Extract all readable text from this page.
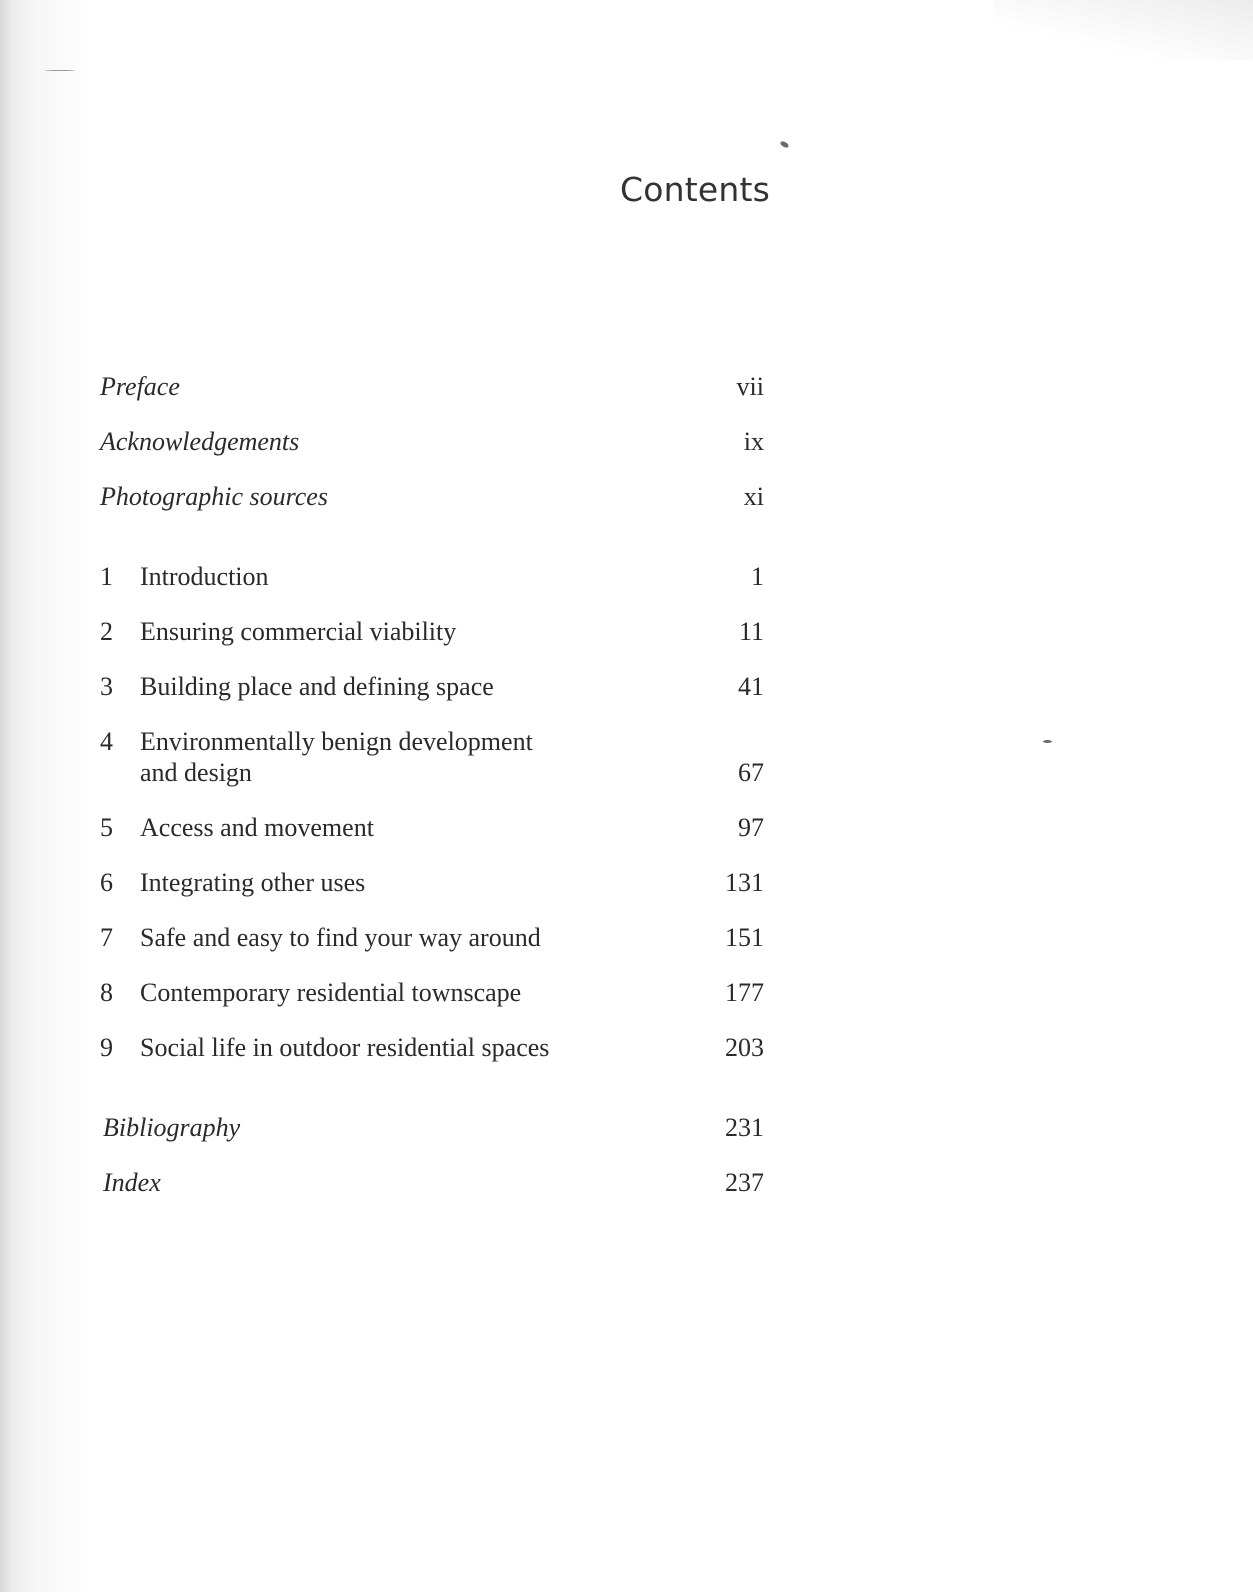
Contents
Preface	vii
Acknowledgements	ix
Photographic sources	xi
1	Introduction	1
2	Ensuring commercial viability	11
3	Building place and defining space	41
4	Environmentally benign development
and design	67
5	Access and movement	97
6	Integrating other uses	131
7	Safe and easy to find your way around	151
8	Contemporary residential townscape	177
9	Social life in outdoor residential spaces	203
Bibliography	231
Index	237
